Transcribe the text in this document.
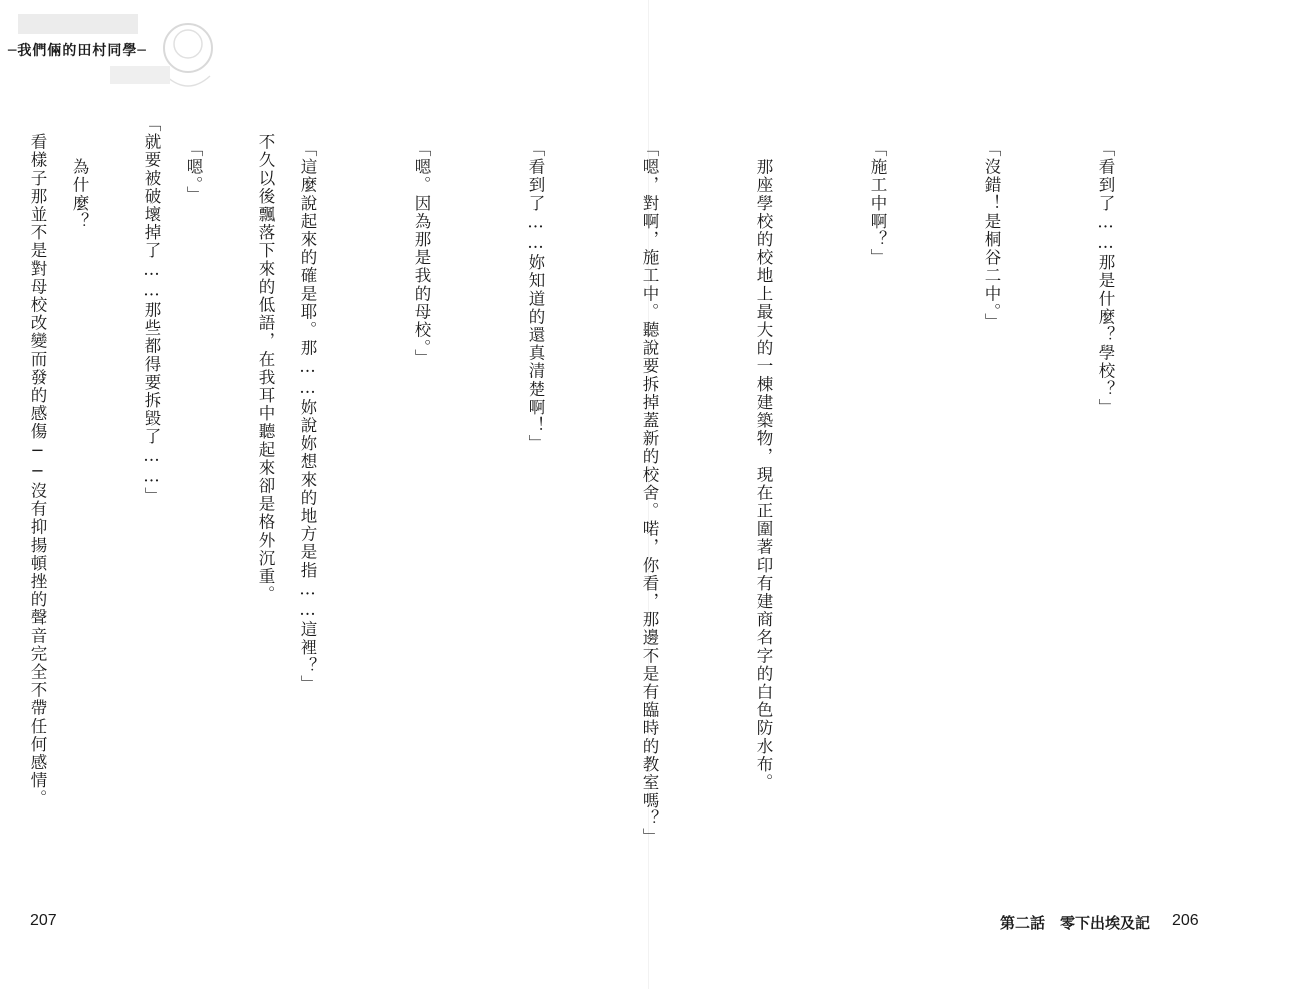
─我們倆的田村同學─

「看到了……那是什麼？學校？」

「沒錯！是桐谷二中。」

「施工中啊？」

　那座學校的校地上最大的一棟建築物，現在正圍著印有建商名字的白色防水布。

「嗯，對啊，施工中。聽說要拆掉蓋新的校舍。喏，你看，那邊不是有臨時的教室嗎？」

「看到了……妳知道的還真清楚啊！」

「嗯。因為那是我的母校。」

「這麼說起來的確是耶。那……妳說妳想來的地方是指……這裡？」

「嗯。」

　為什麼？

	　不久以後飄落下來的低語，在我耳中聽起來卻是格外沉重。

「就要被破壞掉了……那些都得要拆毀了……」

　看樣子那並不是對母校改變而發的感傷──沒有抑揚頓挫的聲音完全不帶任何感情。

207	第二話　零下出埃及記 206
